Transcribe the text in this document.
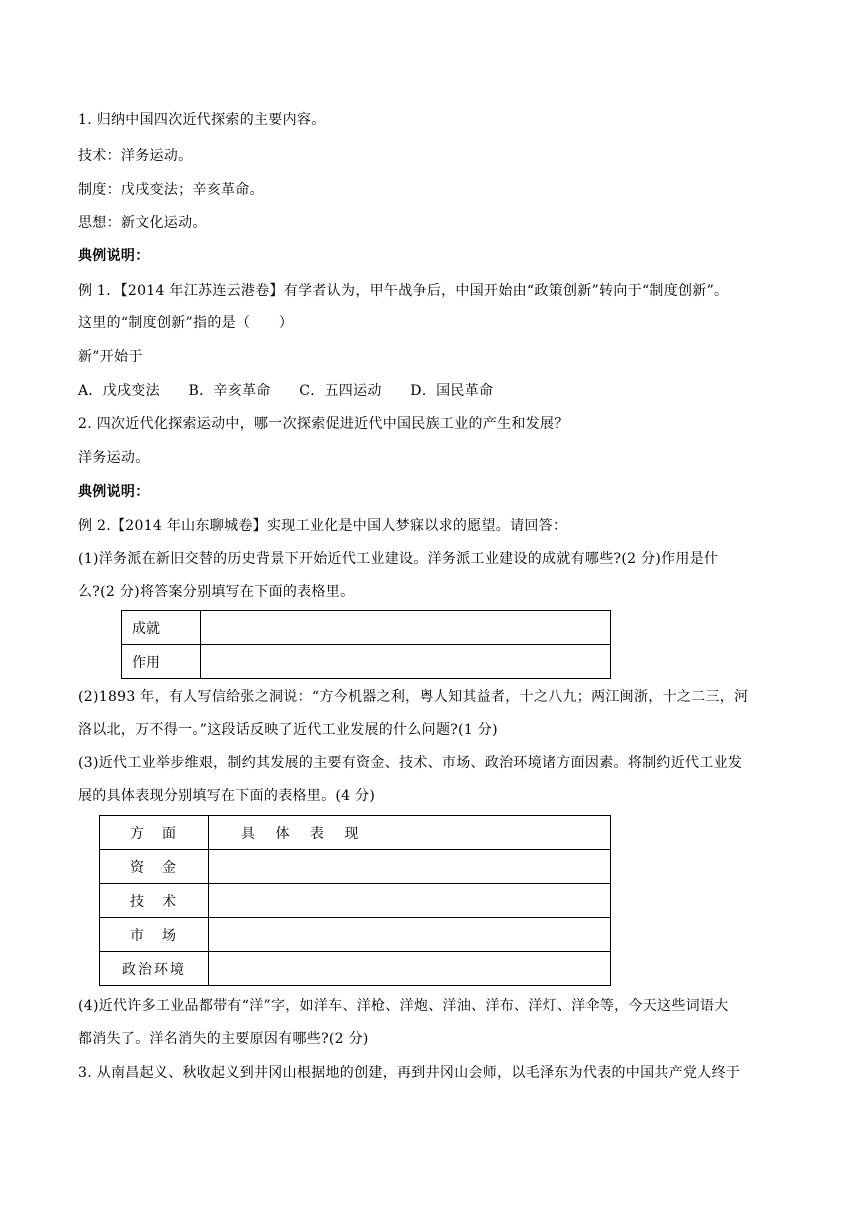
1. 归纳中国四次近代探索的主要内容。
技术：洋务运动。
制度：戊戌变法；辛亥革命。
思想：新文化运动。
典例说明：
例 1．【2014 年江苏连云港卷】有学者认为，甲午战争后，中国开始由“政策创新”转向于“制度创新”。
这里的“制度创新”指的是（　　）
新”开始于
A．戊戌变法　　B．辛亥革命　　C．五四运动　　D．国民革命
2. 四次近代化探索运动中，哪一次探索促进近代中国民族工业的产生和发展？
洋务运动。
典例说明：
例 2.【2014 年山东聊城卷】实现工业化是中国人梦寐以求的愿望。请回答：
(1)洋务派在新旧交替的历史背景下开始近代工业建设。洋务派工业建设的成就有哪些?(2 分)作用是什
么?(2 分)将答案分别填写在下面的表格里。
成就	
作用	
(2)1893 年，有人写信给张之洞说：“方今机器之利，粤人知其益者，十之八九；两江闽浙，十之二三，河
洛以北，万不得一。”这段话反映了近代工业发展的什么问题?(1 分)
(3)近代工业举步维艰，制约其发展的主要有资金、技术、市场、政治环境诸方面因素。将制约近代工业发
展的具体表现分别填写在下面的表格里。(4 分)
方　面	具 体 表 现
资　金	
技　术	
市　场	
政治环境	
(4)近代许多工业品都带有“洋”字，如洋车、洋枪、洋炮、洋油、洋布、洋灯、洋伞等，今天这些词语大
都消失了。洋名消失的主要原因有哪些?(2 分)
3. 从南昌起义、秋收起义到井冈山根据地的创建，再到井冈山会师，以毛泽东为代表的中国共产党人终于
